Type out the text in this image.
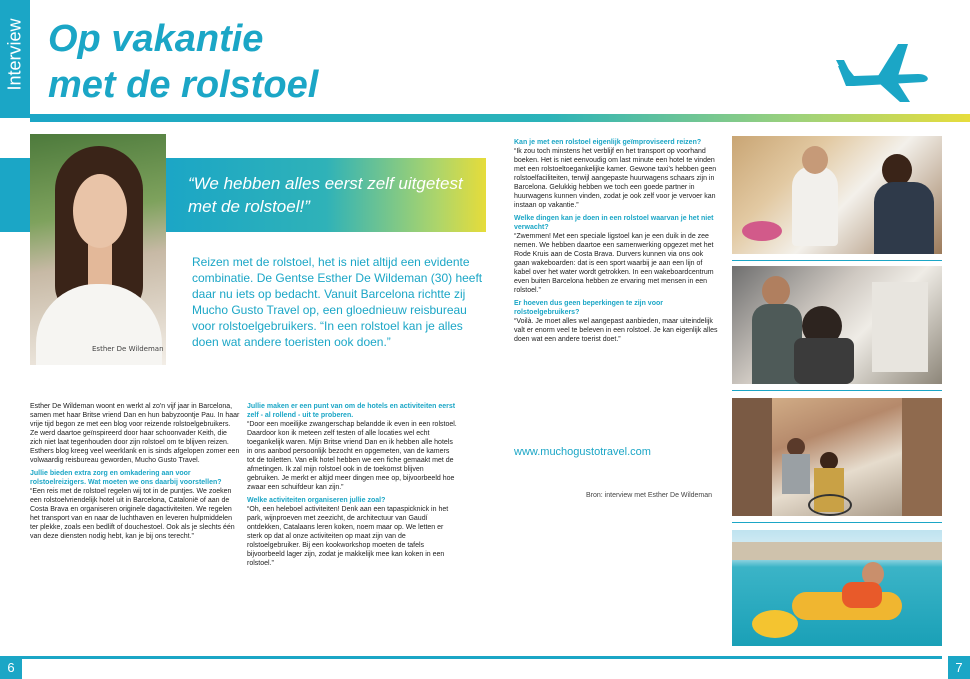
Interview Op vakantie
met de rolstoel
Esther De Wildeman
“We hebben alles eerst zelf uitgetest met de rolstoel!”
Reizen met de rolstoel, het is niet altijd een evidente combinatie. De Gentse Esther De Wildeman (30) heeft daar nu iets op bedacht. Vanuit Barcelona richtte zij Mucho Gusto Travel op, een gloednieuw reisbureau voor rolstoelgebruikers. “In een rolstoel kan je alles doen wat andere toeristen ook doen.”

Esther De Wildeman woont en werkt al zo'n vijf jaar in Barcelona, samen met haar Britse vriend Dan en hun babyzoontje Pau. In haar vrije tijd begon ze met een blog voor reizende rolstoelgebruikers. Ze werd daartoe geïnspireerd door haar schoonvader Keith, die zich niet laat tegenhouden door zijn rolstoel om te blijven reizen. Esthers blog kreeg veel weerklank en is sinds afgelopen zomer een volwaardig reisbureau geworden, Mucho Gusto Travel.

Jullie bieden extra zorg en omkadering aan voor rolstoelreizigers. Wat moeten we ons daarbij voorstellen?

“Een reis met de rolstoel regelen wij tot in de puntjes. We zoeken een rolstoelvriendelijk hotel uit in Barcelona, Catalonië of aan de Costa Brava en organiseren originele dagactiviteiten. We regelen het transport van en naar de luchthaven en leveren hulpmiddelen ter plekke, zoals een bedlift of douchestoel. Ook als je slechts één van deze diensten nodig hebt, kan je bij ons terecht.”

Jullie maken er een punt van om de hotels en activiteiten eerst zelf - al rollend - uit te proberen.

“Door een moeilijke zwangerschap belandde ik even in een rolstoel. Daardoor kon ik meteen zelf testen of alle locaties wel echt toegankelijk waren. Mijn Britse vriend Dan en ik hebben alle hotels in ons aanbod persoonlijk bezocht en opgemeten, van de kamers tot de toiletten. Van elk hotel hebben we een fiche gemaakt met de afmetingen. Ik zal mijn rolstoel ook in de toekomst blijven gebruiken. Je merkt er altijd meer dingen mee op, bijvoorbeeld hoe zwaar een schuifdeur kan zijn.”

Welke activiteiten organiseren jullie zoal?

“Oh, een heleboel activiteiten! Denk aan een tapaspicknick in het park, wijnproeven met zeezicht, de architectuur van Gaudí ontdekken, Catalaans leren koken, noem maar op. We letten er sterk op dat al onze activiteiten op maat zijn van de rolstoelgebruiker. Bij een kookworkshop moeten de tafels bijvoorbeeld lager zijn, zodat je makkelijk mee kan koken in een rolstoel.”

Kan je met een rolstoel eigenlijk geïmproviseerd reizen?

“Ik zou toch minstens het verblijf en het transport op voorhand boeken. Het is niet eenvoudig om last minute een hotel te vinden met een rolstoeltoegankelijke kamer. Gewone taxi's hebben geen rolstoelfaciliteiten, terwijl aangepaste huurwagens schaars zijn in Barcelona. Gelukkig hebben we toch een goede partner in huurwagens kunnen vinden, zodat je ook zelf voor je vervoer kan instaan op vakantie.”

Welke dingen kan je doen in een rolstoel waarvan je het niet verwacht?

“Zwemmen! Met een speciale ligstoel kan je een duik in de zee nemen. We hebben daartoe een samenwerking opgezet met het Rode Kruis aan de Costa Brava. Durvers kunnen via ons ook gaan wakeboarden: dat is een sport waarbij je aan een lijn of kabel over het water wordt getrokken. In een wakeboardcentrum even buiten Barcelona hebben ze ervaring met mensen in een rolstoel.”

Er hoeven dus geen beperkingen te zijn voor rolstoelgebruikers?

“Voilà. Je moet alles wel aangepast aanbieden, maar uiteindelijk valt er enorm veel te beleven in een rolstoel. Je kan eigenlijk alles doen wat een andere toerist doet.”

www.muchogustotravel.com
Bron: interview met Esther De Wildeman
6	7
